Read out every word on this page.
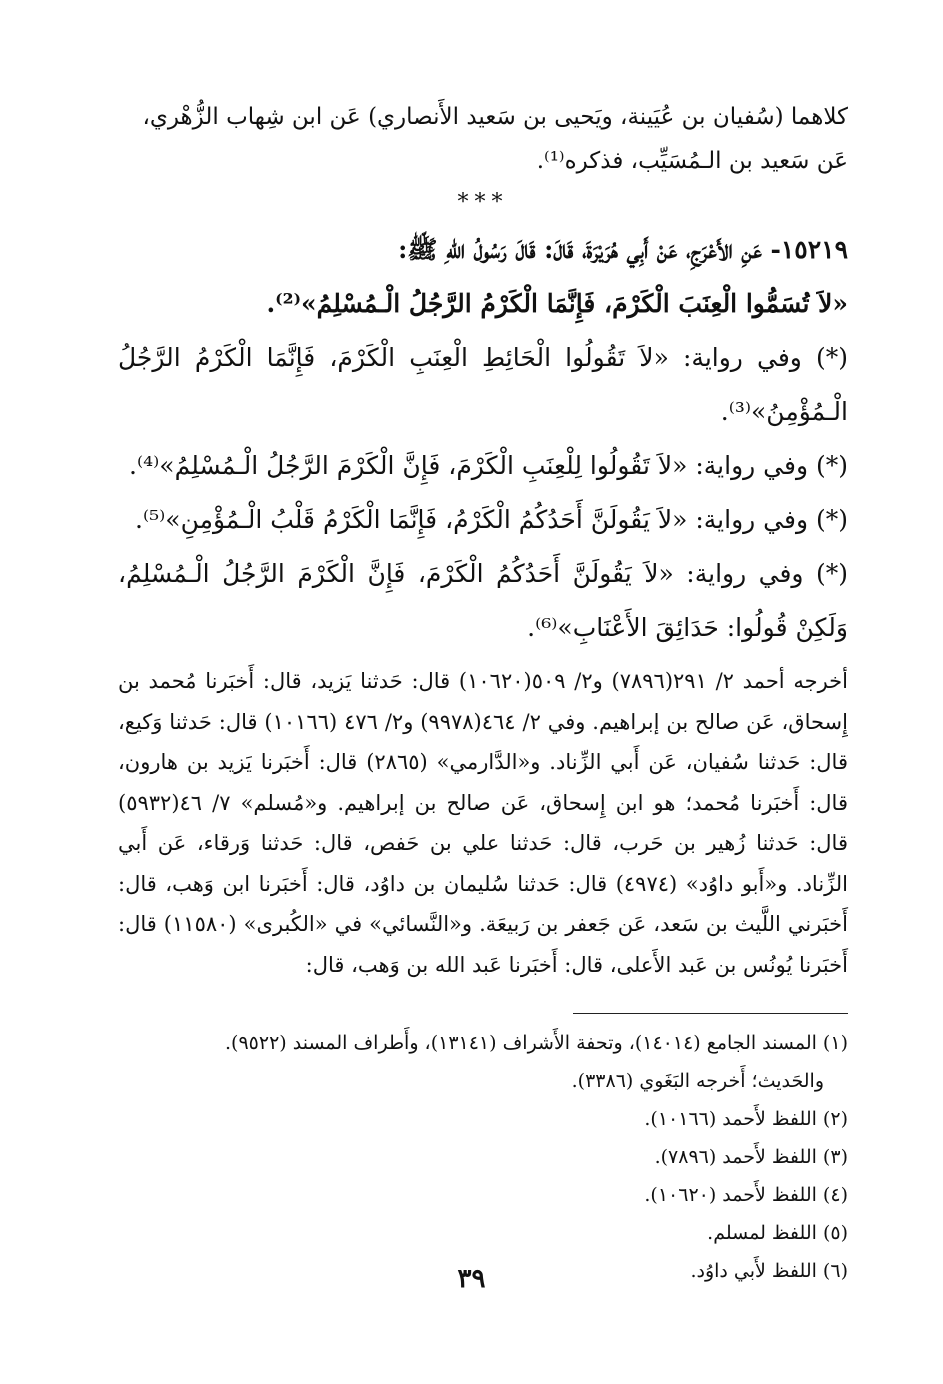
كلاهما (سُفيان بن عُيَينة، ويَحيى بن سَعيد الأَنصاري) عَن ابن شِهاب الزُّهْري،

عَن سَعيد بن الـمُسَيِّب، فذكره⁽¹⁾.

***

١٥٢١٩- عَنِ الأَعْرَجِ، عَنْ أَبِي هُرَيْرَةَ، قَالَ: قَالَ رَسُولُ اللهِ ﷺ:

«لاَ تُسَمُّوا الْعِنَبَ الْكَرْمَ، فَإِنَّمَا الْكَرْمُ الرَّجُلُ الْـمُسْلِمُ»⁽²⁾.

(*) وفي رواية: «لاَ تَقُولُوا الْحَائِطِ الْعِنَبِ الْكَرْمَ، فَإِنَّمَا الْكَرْمُ الرَّجُلُ الْـمُؤْمِنُ»⁽³⁾.

(*) وفي رواية: «لاَ تَقُولُوا لِلْعِنَبِ الْكَرْمَ، فَإِنَّ الْكَرْمَ الرَّجُلُ الْـمُسْلِمُ»⁽⁴⁾.

(*) وفي رواية: «لاَ يَقُولَنَّ أَحَدُكُمُ الْكَرْمُ، فَإِنَّمَا الْكَرْمُ قَلْبُ الْـمُؤْمِنِ»⁽⁵⁾.

(*) وفي رواية: «لاَ يَقُولَنَّ أَحَدُكُمُ الْكَرْمَ، فَإِنَّ الْكَرْمَ الرَّجُلُ الْـمُسْلِمُ، وَلَكِنْ قُولُوا: حَدَائِقَ الأَعْنَابِ»⁽⁶⁾.

أخرجه أحمد ٢/ ٢٩١(٧٨٩٦) و٢/ ٥٠٩(١٠٦٢٠) قال: حَدثنا يَزيد، قال: أَخبَرنا مُحمد بن إِسحاق، عَن صالح بن إبراهيم. وفي ٢/ ٤٦٤(٩٩٧٨) و٢/ ٤٧٦ (١٠١٦٦) قال: حَدثنا وَكيع، قال: حَدثنا سُفيان، عَن أَبي الزِّناد. و«الدَّارمي» (٢٨٦٥) قال: أَخبَرنا يَزيد بن هارون، قال: أَخبَرنا مُحمد؛ هو ابن إِسحاق، عَن صالح بن إبراهيم. و«مُسلم» ٧/ ٤٦(٥٩٣٢) قال: حَدثنا زُهير بن حَرب، قال: حَدثنا علي بن حَفص، قال: حَدثنا وَرقاء، عَن أَبي الزِّناد. و«أَبو داوُد» (٤٩٧٤) قال: حَدثنا سُليمان بن داوُد، قال: أَخبَرنا ابن وَهب، قال: أَخبَرني اللَّيث بن سَعد، عَن جَعفر بن رَبيعَة. و«النَّسائي» في «الكُبرى» (١١٥٨٠) قال: أَخبَرنا يُونُس بن عَبد الأَعلى، قال: أَخبَرنا عَبد الله بن وَهب، قال:

(١) المسند الجامع (١٤٠١٤)، وتحفة الأَشراف (١٣١٤١)، وأَطراف المسند (٩٥٢٢).

والحَديث؛ أَخرجه البَغَوي (٣٣٨٦).

(٢) اللفظ لأَحمد (١٠١٦٦).

(٣) اللفظ لأَحمد (٧٨٩٦).

(٤) اللفظ لأَحمد (١٠٦٢٠).

(٥) اللفظ لمسلم.

(٦) اللفظ لأَبي داوُد.

٣٩
